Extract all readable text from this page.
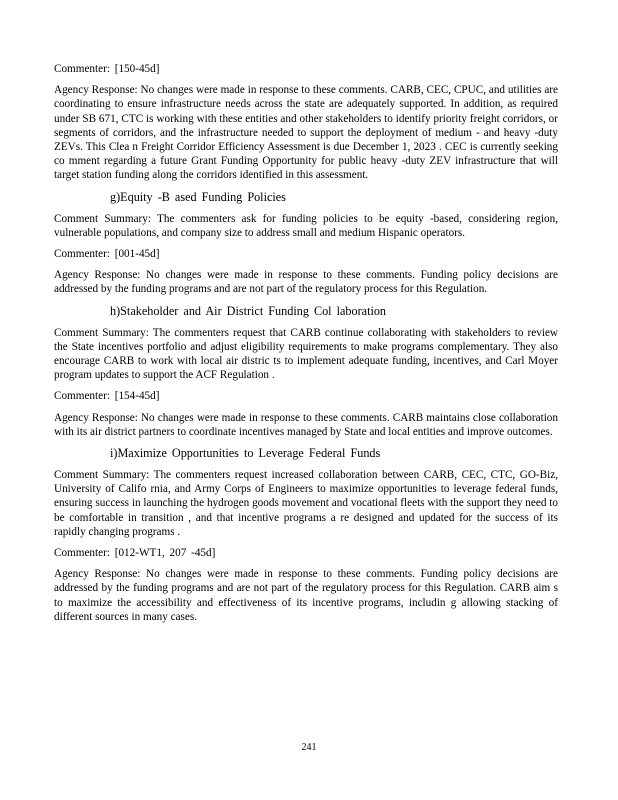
Commenter: [150-45d]

Agency Response: No changes were made in response to these comments. CARB, CEC, CPUC, and utilities are coordinating to ensure infrastructure needs across the state are adequately supported. In addition, as required under SB 671, CTC is working with these entities and other stakeholders to identify priority freight corridors, or segments of corridors, and the infrastructure needed to support the deployment of medium - and heavy -duty ZEVs. This Clea n Freight Corridor Efficiency Assessment is due December 1, 2023 . CEC is currently seeking co mment regarding a future Grant Funding Opportunity for public heavy -duty ZEV infrastructure that will target station funding along the corridors identified in this assessment.

g)Equity -B ased Funding Policies

Comment Summary: The commenters ask for funding policies to be equity -based, considering region, vulnerable populations, and company size to address small and medium Hispanic operators.

Commenter: [001-45d]

Agency Response: No changes were made in response to these comments. Funding policy decisions are addressed by the funding programs and are not part of the regulatory process for this Regulation.

h)Stakeholder and Air District Funding Col laboration

Comment Summary: The commenters request that CARB continue collaborating with stakeholders to review the State incentives portfolio and adjust eligibility requirements to make programs complementary. They also encourage CARB to work with local air distric ts to implement adequate funding, incentives, and Carl Moyer program updates to support the ACF Regulation .

Commenter: [154-45d]

Agency Response: No changes were made in response to these comments. CARB maintains close collaboration with its air district partners to coordinate incentives managed by State and local entities and improve outcomes.

i)Maximize Opportunities to Leverage Federal Funds

Comment Summary: The commenters request increased collaboration between CARB, CEC, CTC, GO-Biz, University of Califo rnia, and Army Corps of Engineers to maximize opportunities to leverage federal funds, ensuring success in launching the hydrogen goods movement and vocational fleets with the support they need to be comfortable in transition , and that incentive programs a re designed and updated for the success of its rapidly changing programs .

Commenter: [012-WT1, 207 -45d]

Agency Response: No changes were made in response to these comments. Funding policy decisions are addressed by the funding programs and are not part of the regulatory process for this Regulation. CARB aim s to maximize the accessibility and effectiveness of its incentive programs, includin g allowing stacking of different sources in many cases.

241
